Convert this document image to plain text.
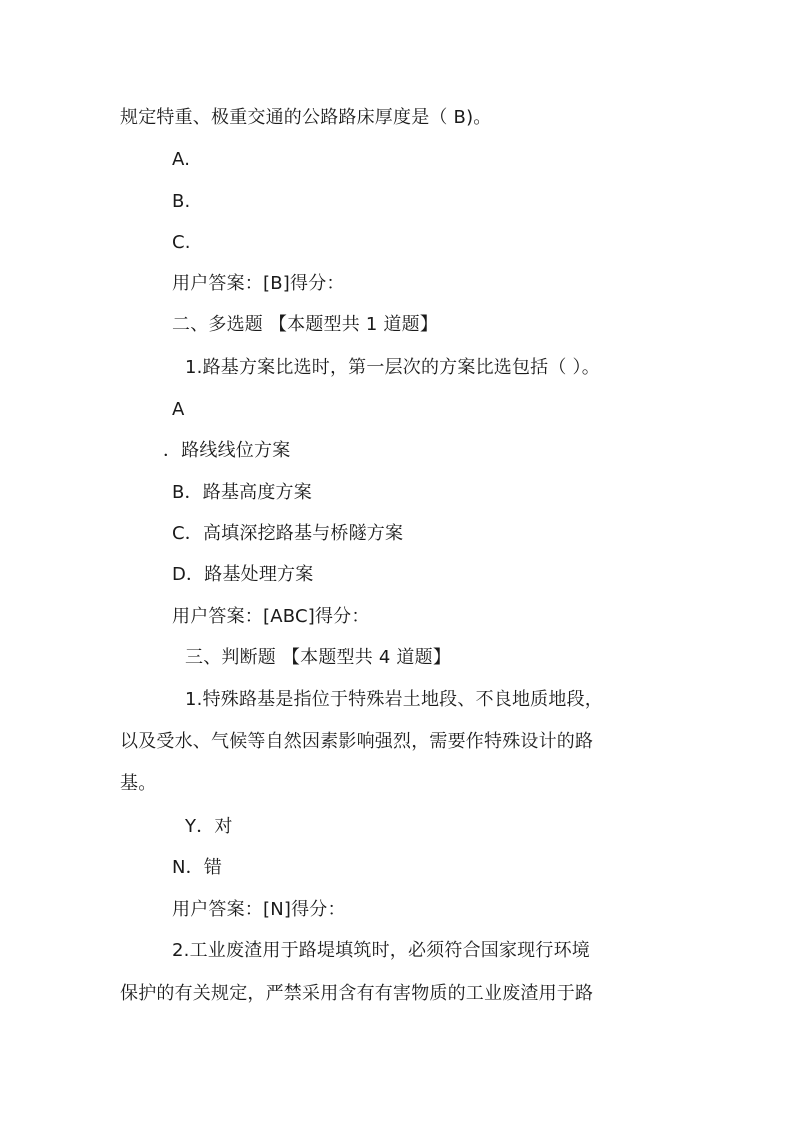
规定特重、极重交通的公路路床厚度是（ B)。
A.
B.
C.
用户答案：[B]得分：
二、多选题 【本题型共 1 道题】
1.路基方案比选时，第一层次的方案比选包括（ ）。
A
．路线线位方案
B．路基高度方案
C．高填深挖路基与桥隧方案
D．路基处理方案
用户答案：[ABC]得分：
三、判断题 【本题型共 4 道题】
1.特殊路基是指位于特殊岩土地段、不良地质地段，
以及受水、气候等自然因素影响强烈，需要作特殊设计的路
基。
Y．对
N．错
用户答案：[N]得分：
2.工业废渣用于路堤填筑时，必须符合国家现行环境
保护的有关规定，严禁采用含有有害物质的工业废渣用于路
